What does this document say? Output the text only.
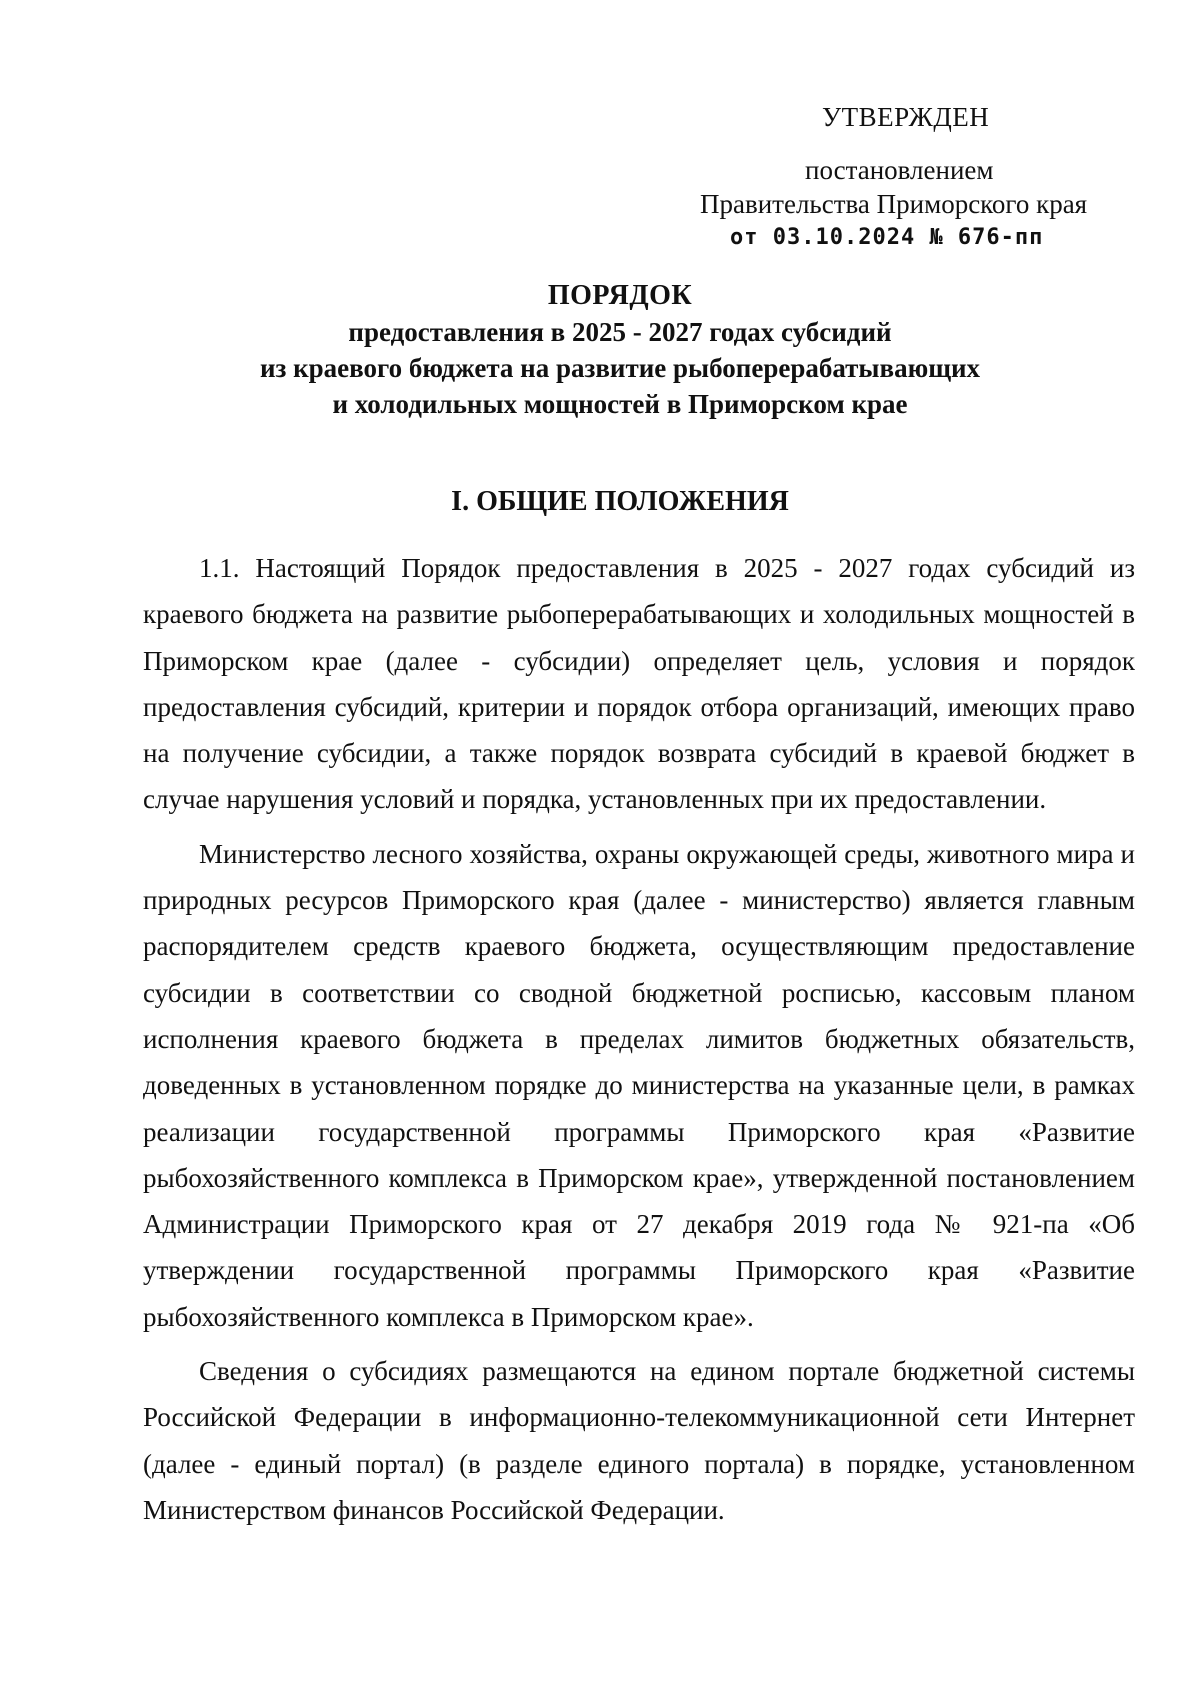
УТВЕРЖДЕН
постановлением
Правительства Приморского края
от 03.10.2024 № 676-пп
ПОРЯДОК
предоставления в 2025 - 2027 годах субсидий
из краевого бюджета на развитие рыбоперерабатывающих
и холодильных мощностей в Приморском крае
I. ОБЩИЕ ПОЛОЖЕНИЯ

1.1. Настоящий Порядок предоставления в 2025 - 2027 годах субсидий из краевого бюджета на развитие рыбоперерабатывающих и холодильных мощностей в Приморском крае (далее - субсидии) определяет цель, условия и порядок предоставления субсидий, критерии и порядок отбора организаций, имеющих право на получение субсидии, а также порядок возврата субсидий в краевой бюджет в случае нарушения условий и порядка, установленных при их предоставлении.

Министерство лесного хозяйства, охраны окружающей среды, животного мира и природных ресурсов Приморского края (далее - министерство) является главным распорядителем средств краевого бюджета, осуществляющим предоставление субсидии в соответствии со сводной бюджетной росписью, кассовым планом исполнения краевого бюджета в пределах лимитов бюджетных обязательств, доведенных в установленном порядке до министерства на указанные цели, в рамках реализации государственной программы Приморского края «Развитие рыбохозяйственного комплекса в Приморском крае», утвержденной постановлением Администрации Приморского края от 27 декабря 2019 года № 921-па «Об утверждении государственной программы Приморского края «Развитие рыбохозяйственного комплекса в Приморском крае».

Сведения о субсидиях размещаются на едином портале бюджетной системы Российской Федерации в информационно-телекоммуникационной сети Интернет (далее - единый портал) (в разделе единого портала) в порядке, установленном Министерством финансов Российской Федерации.
